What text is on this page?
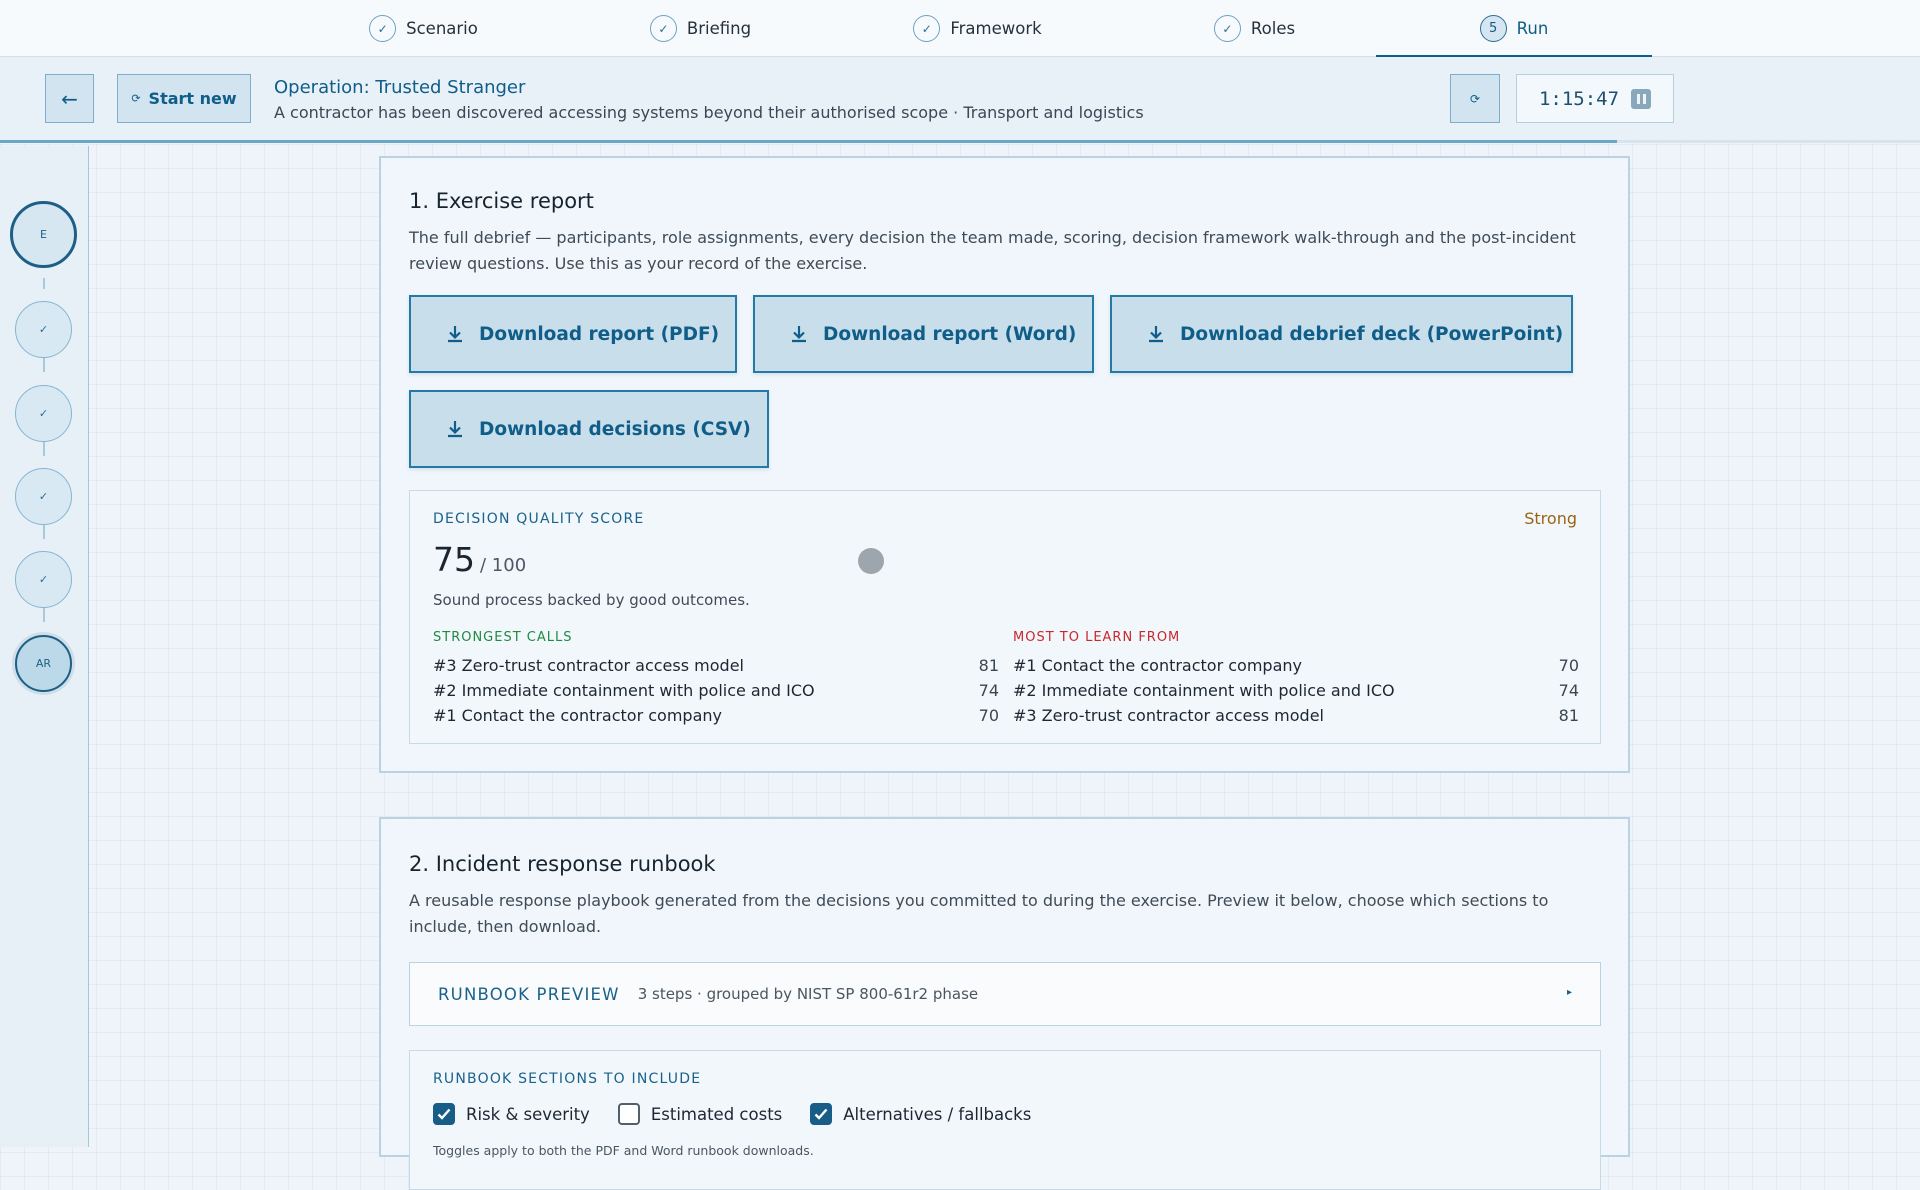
✓	Scenario	✓	Briefing	✓	Framework	✓	Roles	5	Run
←	⟳ Start new
Operation: Trusted Stranger
A contractor has been discovered accessing systems beyond their authorised scope · Transport and logistics
⟳	1:15:47
E
✓
✓
✓
✓
AR
1. Exercise report
The full debrief — participants, role assignments, every decision the team made, scoring, decision framework walk-through and the post-incident review questions. Use this as your record of the exercise.
Download report (PDF)	Download report (Word)	Download debrief deck (PowerPoint)
Download decisions (CSV)
DECISION QUALITY SCORE	Strong
75 / 100
Sound process backed by good outcomes.
STRONGEST CALLS
#3 Zero-trust contractor access model	81
#2 Immediate containment with police and ICO	74
#1 Contact the contractor company	70
MOST TO LEARN FROM
#1 Contact the contractor company	70
#2 Immediate containment with police and ICO	74
#3 Zero-trust contractor access model	81
2. Incident response runbook
A reusable response playbook generated from the decisions you committed to during the exercise. Preview it below, choose which sections to include, then download.
RUNBOOK PREVIEW 3 steps · grouped by NIST SP 800-61r2 phase	▸
RUNBOOK SECTIONS TO INCLUDE
Risk & severity	Estimated costs	Alternatives / fallbacks
Toggles apply to both the PDF and Word runbook downloads.
